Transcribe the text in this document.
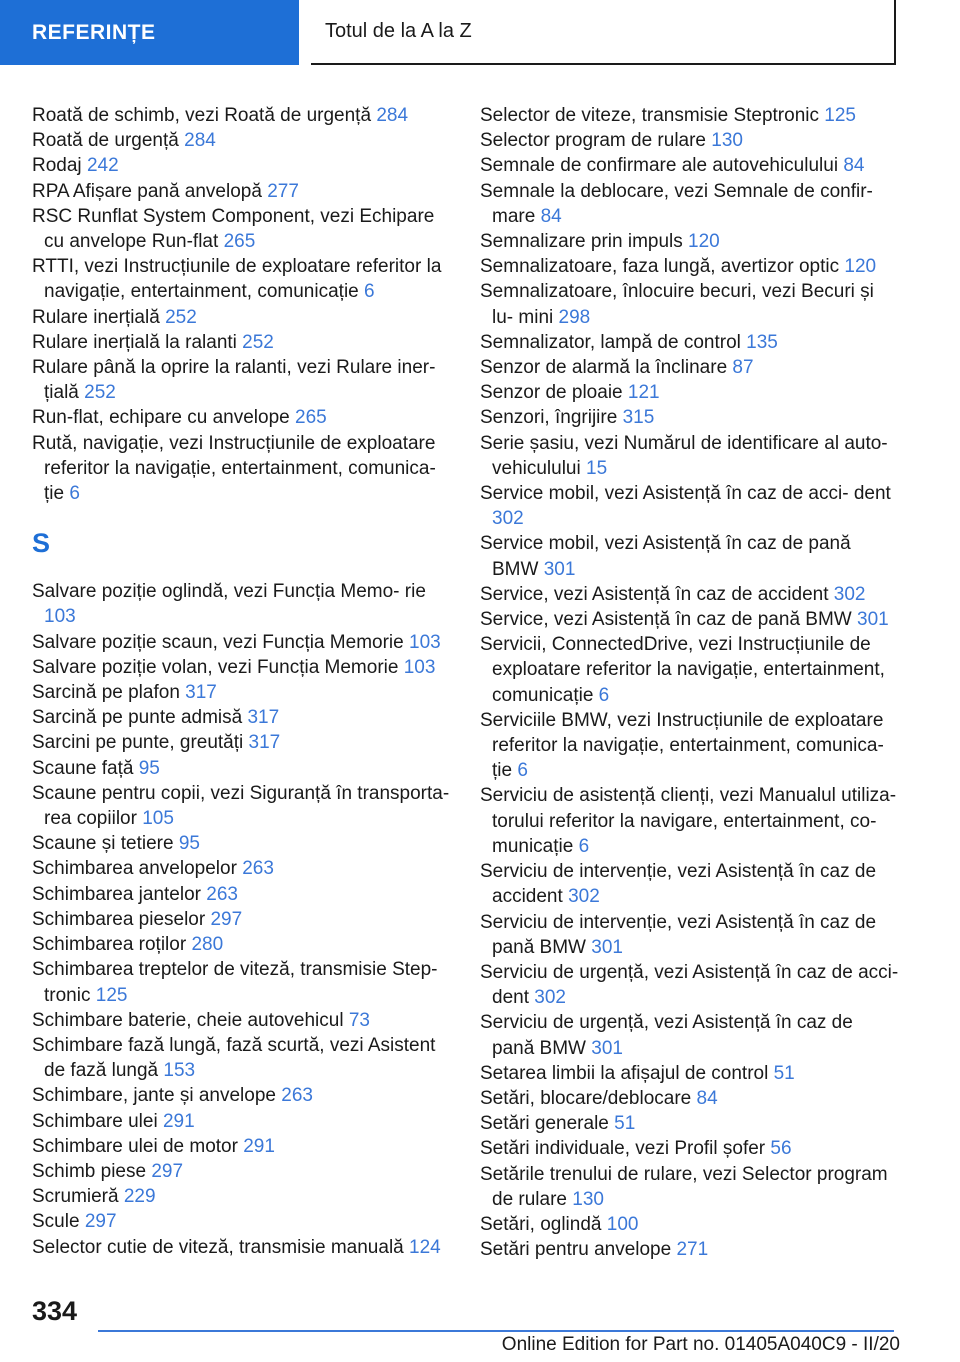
REFERINȚE	Totul de la A la Z

Roată de schimb, vezi Roată de urgență 284

Roată de urgență 284

Rodaj 242

RPA Afișare pană anvelopă 277

RSC Runflat System Component, vezi Echipare cu anvelope Run-flat 265

RTTI, vezi Instrucțiunile de exploatare referitor la navigație, entertainment, comunicație 6

Rulare inerțială 252

Rulare inerțială la ralanti 252

Rulare până la oprire la ralanti, vezi Rulare iner- țială 252

Run-flat, echipare cu anvelope 265

Rută, navigație, vezi Instrucțiunile de exploatare referitor la navigație, entertainment, comunica- ție 6

S

Salvare poziție oglindă, vezi Funcția Memo- rie 103

Salvare poziție scaun, vezi Funcția Memorie 103

Salvare poziție volan, vezi Funcția Memorie 103

Sarcină pe plafon 317

Sarcină pe punte admisă 317

Sarcini pe punte, greutăți 317

Scaune față 95

Scaune pentru copii, vezi Siguranță în transporta- rea copiilor 105

Scaune și tetiere 95

Schimbarea anvelopelor 263

Schimbarea jantelor 263

Schimbarea pieselor 297

Schimbarea roților 280

Schimbarea treptelor de viteză, transmisie Step- tronic 125

Schimbare baterie, cheie autovehicul 73

Schimbare fază lungă, fază scurtă, vezi Asistent de fază lungă 153

Schimbare, jante și anvelope 263

Schimbare ulei 291

Schimbare ulei de motor 291

Schimb piese 297

Scrumieră 229

Scule 297

Selector cutie de viteză, transmisie manuală 124

Selector de viteze, transmisie Steptronic 125

Selector program de rulare 130

Semnale de confirmare ale autovehiculului 84

Semnale la deblocare, vezi Semnale de confir- mare 84

Semnalizare prin impuls 120

Semnalizatoare, faza lungă, avertizor optic 120

Semnalizatoare, înlocuire becuri, vezi Becuri și lu- mini 298

Semnalizator, lampă de control 135

Senzor de alarmă la înclinare 87

Senzor de ploaie 121

Senzori, îngrijire 315

Serie șasiu, vezi Numărul de identificare al auto- vehiculului 15

Service mobil, vezi Asistență în caz de acci- dent 302

Service mobil, vezi Asistență în caz de pană BMW 301

Service, vezi Asistență în caz de accident 302

Service, vezi Asistență în caz de pană BMW 301

Servicii, ConnectedDrive, vezi Instrucțiunile de exploatare referitor la navigație, entertainment, comunicație 6

Serviciile BMW, vezi Instrucțiunile de exploatare referitor la navigație, entertainment, comunica- ție 6

Serviciu de asistență clienți, vezi Manualul utiliza- torului referitor la navigare, entertainment, co- municație 6

Serviciu de intervenție, vezi Asistență în caz de accident 302

Serviciu de intervenție, vezi Asistență în caz de pană BMW 301

Serviciu de urgență, vezi Asistență în caz de acci- dent 302

Serviciu de urgență, vezi Asistență în caz de pană BMW 301

Setarea limbii la afișajul de control 51

Setări, blocare/deblocare 84

Setări generale 51

Setări individuale, vezi Profil șofer 56

Setările trenului de rulare, vezi Selector program de rulare 130

Setări, oglindă 100

Setări pentru anvelope 271

334
Online Edition for Part no. 01405A040C9 - II/20
